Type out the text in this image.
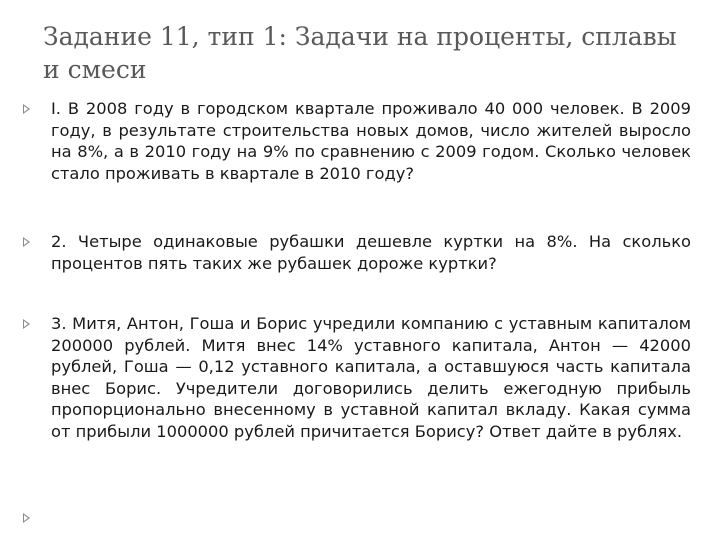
Задание 11, тип 1: Задачи на проценты, сплавы и смеси
I. В 2008 году в городском квартале проживало 40 000 человек. В 2009 году, в результате строительства новых домов, число жителей выросло на 8%, а в 2010 году на 9% по сравнению с 2009 годом. Сколько человек стало проживать в квартале в 2010 году?
2. Четыре одинаковые рубашки дешевле куртки на 8%. На сколько процентов пять таких же рубашек дороже куртки?
3. Митя, Антон, Гоша и Борис учредили компанию с уставным капиталом 200000 рублей. Митя внес 14% уставного капитала, Антон — 42000 рублей, Гоша — 0,12 уставного капитала, а оставшуюся часть капитала внес Борис. Учредители договорились делить ежегодную прибыль пропорционально внесенному в уставной капитал вкладу. Какая сумма от прибыли 1000000 рублей причитается Борису? Ответ дайте в рублях.
